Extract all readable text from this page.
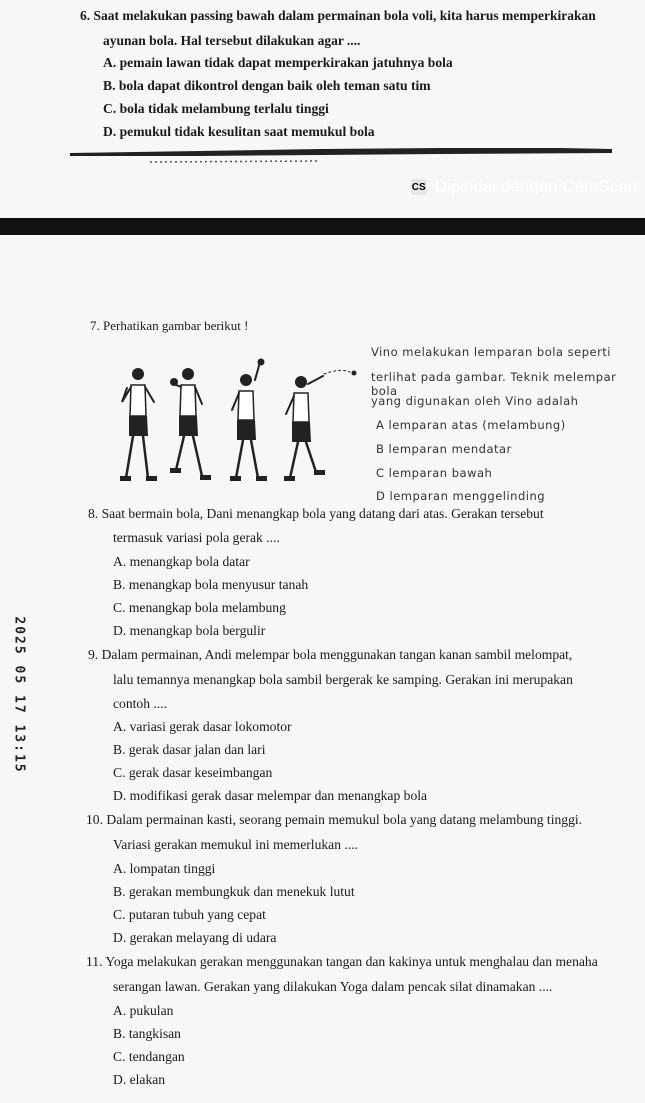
6. Saat melakukan passing bawah dalam permainan bola voli, kita harus memperkirakan
ayunan bola. Hal tersebut dilakukan agar ....
A. pemain lawan tidak dapat memperkirakan jatuhnya bola
B. bola dapat dikontrol dengan baik oleh teman satu tim
C. bola tidak melambung terlalu tinggi
D. pemukul tidak kesulitan saat memukul bola
CS Dipindai dengan CamScan
7. Perhatikan gambar berikut !
Vino melakukan lemparan bola seperti
terlihat pada gambar. Teknik melempar bola
yang digunakan oleh Vino adalah
A lemparan atas (melambung)
B lemparan mendatar
C lemparan bawah
D lemparan menggelinding
8. Saat bermain bola, Dani menangkap bola yang datang dari atas. Gerakan tersebut
termasuk variasi pola gerak ....
A. menangkap bola datar
B. menangkap bola menyusur tanah
C. menangkap bola melambung
D. menangkap bola bergulir
9. Dalam permainan, Andi melempar bola menggunakan tangan kanan sambil melompat,
lalu temannya menangkap bola sambil bergerak ke samping. Gerakan ini merupakan
contoh ....
A. variasi gerak dasar lokomotor
B. gerak dasar jalan dan lari
C. gerak dasar keseimbangan
D. modifikasi gerak dasar melempar dan menangkap bola
10. Dalam permainan kasti, seorang pemain memukul bola yang datang melambung tinggi.
Variasi gerakan memukul ini memerlukan ....
A. lompatan tinggi
B. gerakan membungkuk dan menekuk lutut
C. putaran tubuh yang cepat
D. gerakan melayang di udara
11. Yoga melakukan gerakan menggunakan tangan dan kakinya untuk menghalau dan menaha
serangan lawan. Gerakan yang dilakukan Yoga dalam pencak silat dinamakan ....
A. pukulan
B. tangkisan
C. tendangan
D. elakan
2025 05 17 13:15
